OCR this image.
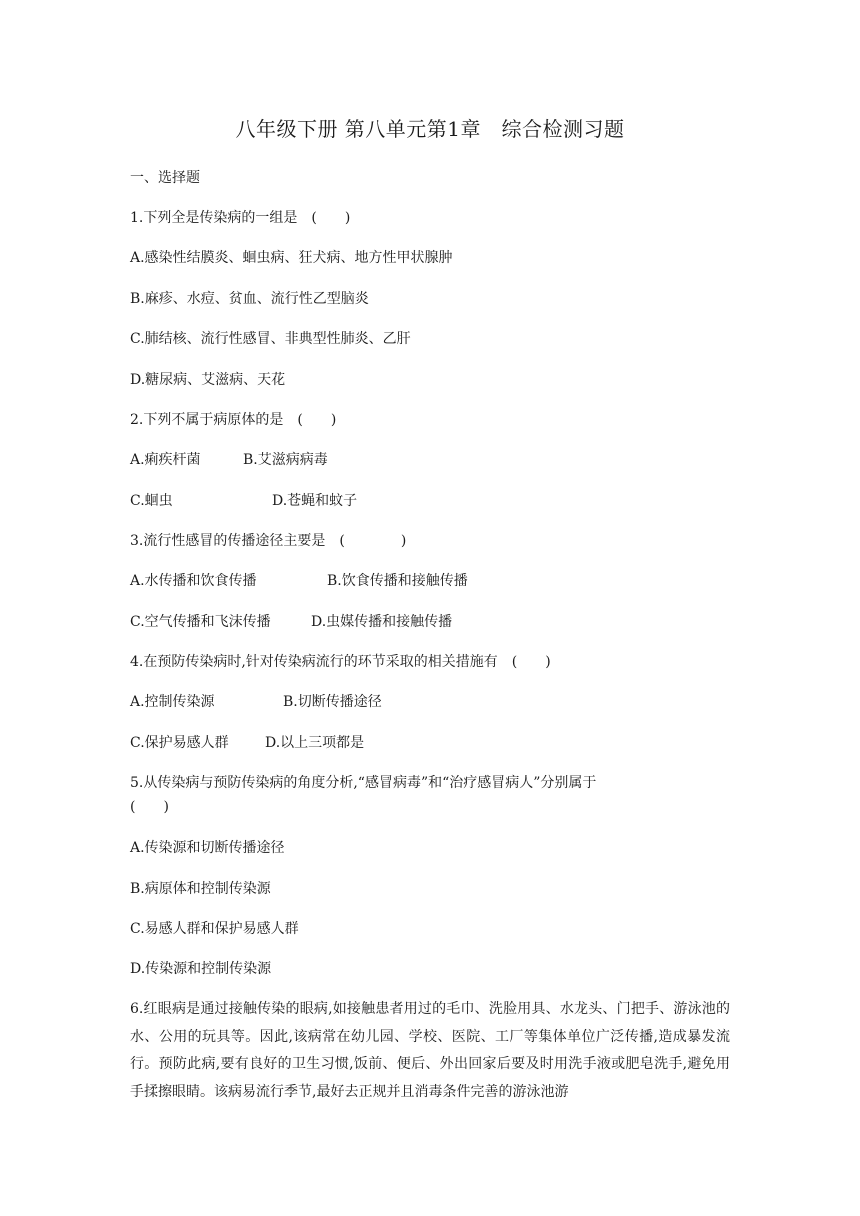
八年级下册 第八单元第1章　综合检测习题
一、选择题
1.下列全是传染病的一组是　(　　)
A.感染性结膜炎、蛔虫病、狂犬病、地方性甲状腺肿
B.麻疹、水痘、贫血、流行性乙型脑炎
C.肺结核、流行性感冒、非典型性肺炎、乙肝
D.糖尿病、艾滋病、天花
2.下列不属于病原体的是　(　　)
A.痢疾杆菌	B.艾滋病病毒
C.蛔虫	D.苍蝇和蚊子
3.流行性感冒的传播途径主要是　(　　　　)
A.水传播和饮食传播	B.饮食传播和接触传播
C.空气传播和飞沫传播	D.虫媒传播和接触传播
4.在预防传染病时,针对传染病流行的环节采取的相关措施有　(　　)
A.控制传染源	B.切断传播途径
C.保护易感人群	D.以上三项都是
5.从传染病与预防传染病的角度分析,“感冒病毒”和“治疗感冒病人”分别属于
(　　)
A.传染源和切断传播途径
B.病原体和控制传染源
C.易感人群和保护易感人群
D.传染源和控制传染源
6.红眼病是通过接触传染的眼病,如接触患者用过的毛巾、洗脸用具、水龙头、门把手、游泳池的水、公用的玩具等。因此,该病常在幼儿园、学校、医院、工厂等集体单位广泛传播,造成暴发流行。预防此病,要有良好的卫生习惯,饭前、便后、外出回家后要及时用洗手液或肥皂洗手,避免用手揉擦眼睛。该病易流行季节,最好去正规并且消毒条件完善的游泳池游
